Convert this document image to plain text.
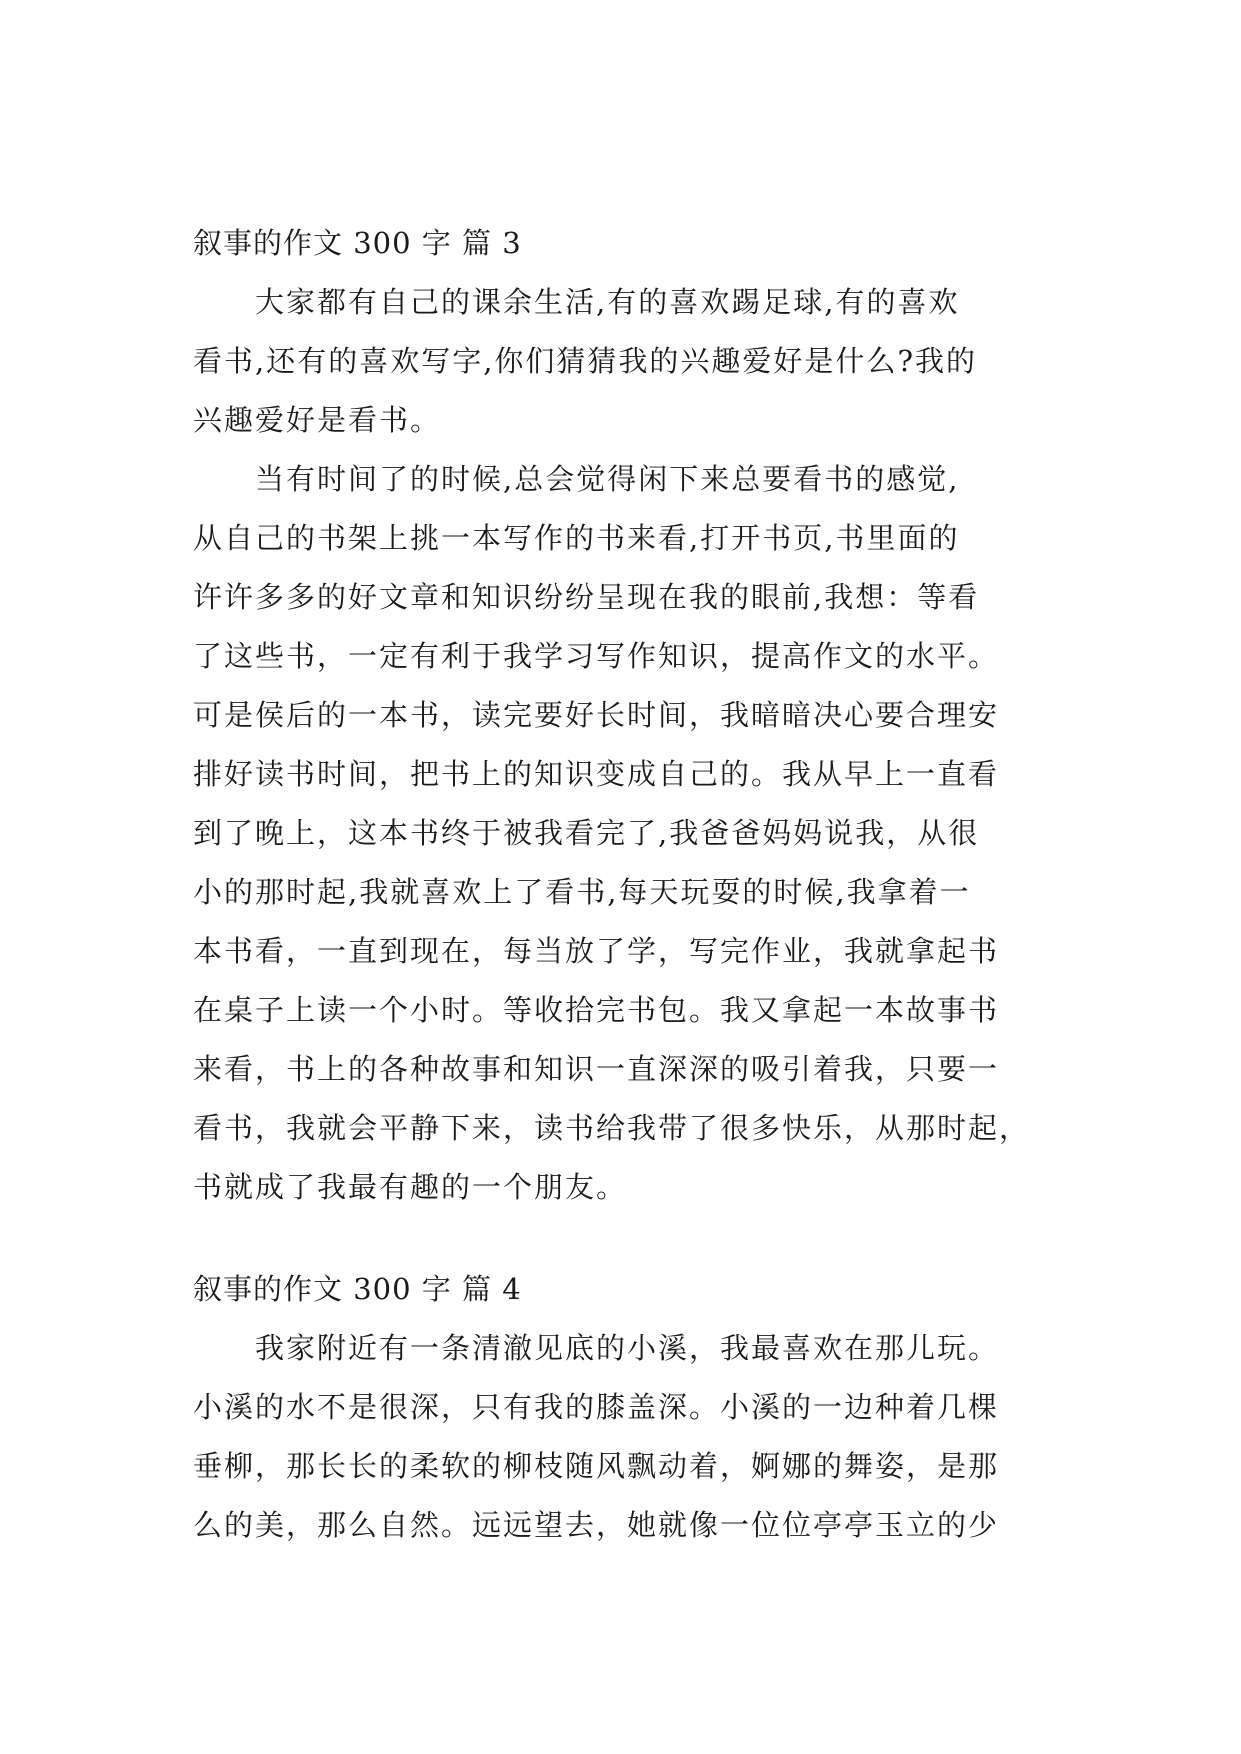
叙事的作文 300 字 篇 3
　　大家都有自己的课余生活,有的喜欢踢足球,有的喜欢
看书,还有的喜欢写字,你们猜猜我的兴趣爱好是什么?我的
兴趣爱好是看书。
　　当有时间了的时候,总会觉得闲下来总要看书的感觉,
从自己的书架上挑一本写作的书来看,打开书页,书里面的
许许多多的好文章和知识纷纷呈现在我的眼前,我想：等看
了这些书，一定有利于我学习写作知识，提高作文的水平。
可是侯后的一本书，读完要好长时间，我暗暗决心要合理安
排好读书时间，把书上的知识变成自己的。我从早上一直看
到了晚上，这本书终于被我看完了,我爸爸妈妈说我，从很
小的那时起,我就喜欢上了看书,每天玩耍的时候,我拿着一
本书看，一直到现在，每当放了学，写完作业，我就拿起书
在桌子上读一个小时。等收拾完书包。我又拿起一本故事书
来看，书上的各种故事和知识一直深深的吸引着我，只要一
看书，我就会平静下来，读书给我带了很多快乐，从那时起，
书就成了我最有趣的一个朋友。
叙事的作文 300 字 篇 4
　　我家附近有一条清澈见底的小溪，我最喜欢在那儿玩。
小溪的水不是很深，只有我的膝盖深。小溪的一边种着几棵
垂柳，那长长的柔软的柳枝随风飘动着，婀娜的舞姿，是那
么的美，那么自然。远远望去，她就像一位位亭亭玉立的少
